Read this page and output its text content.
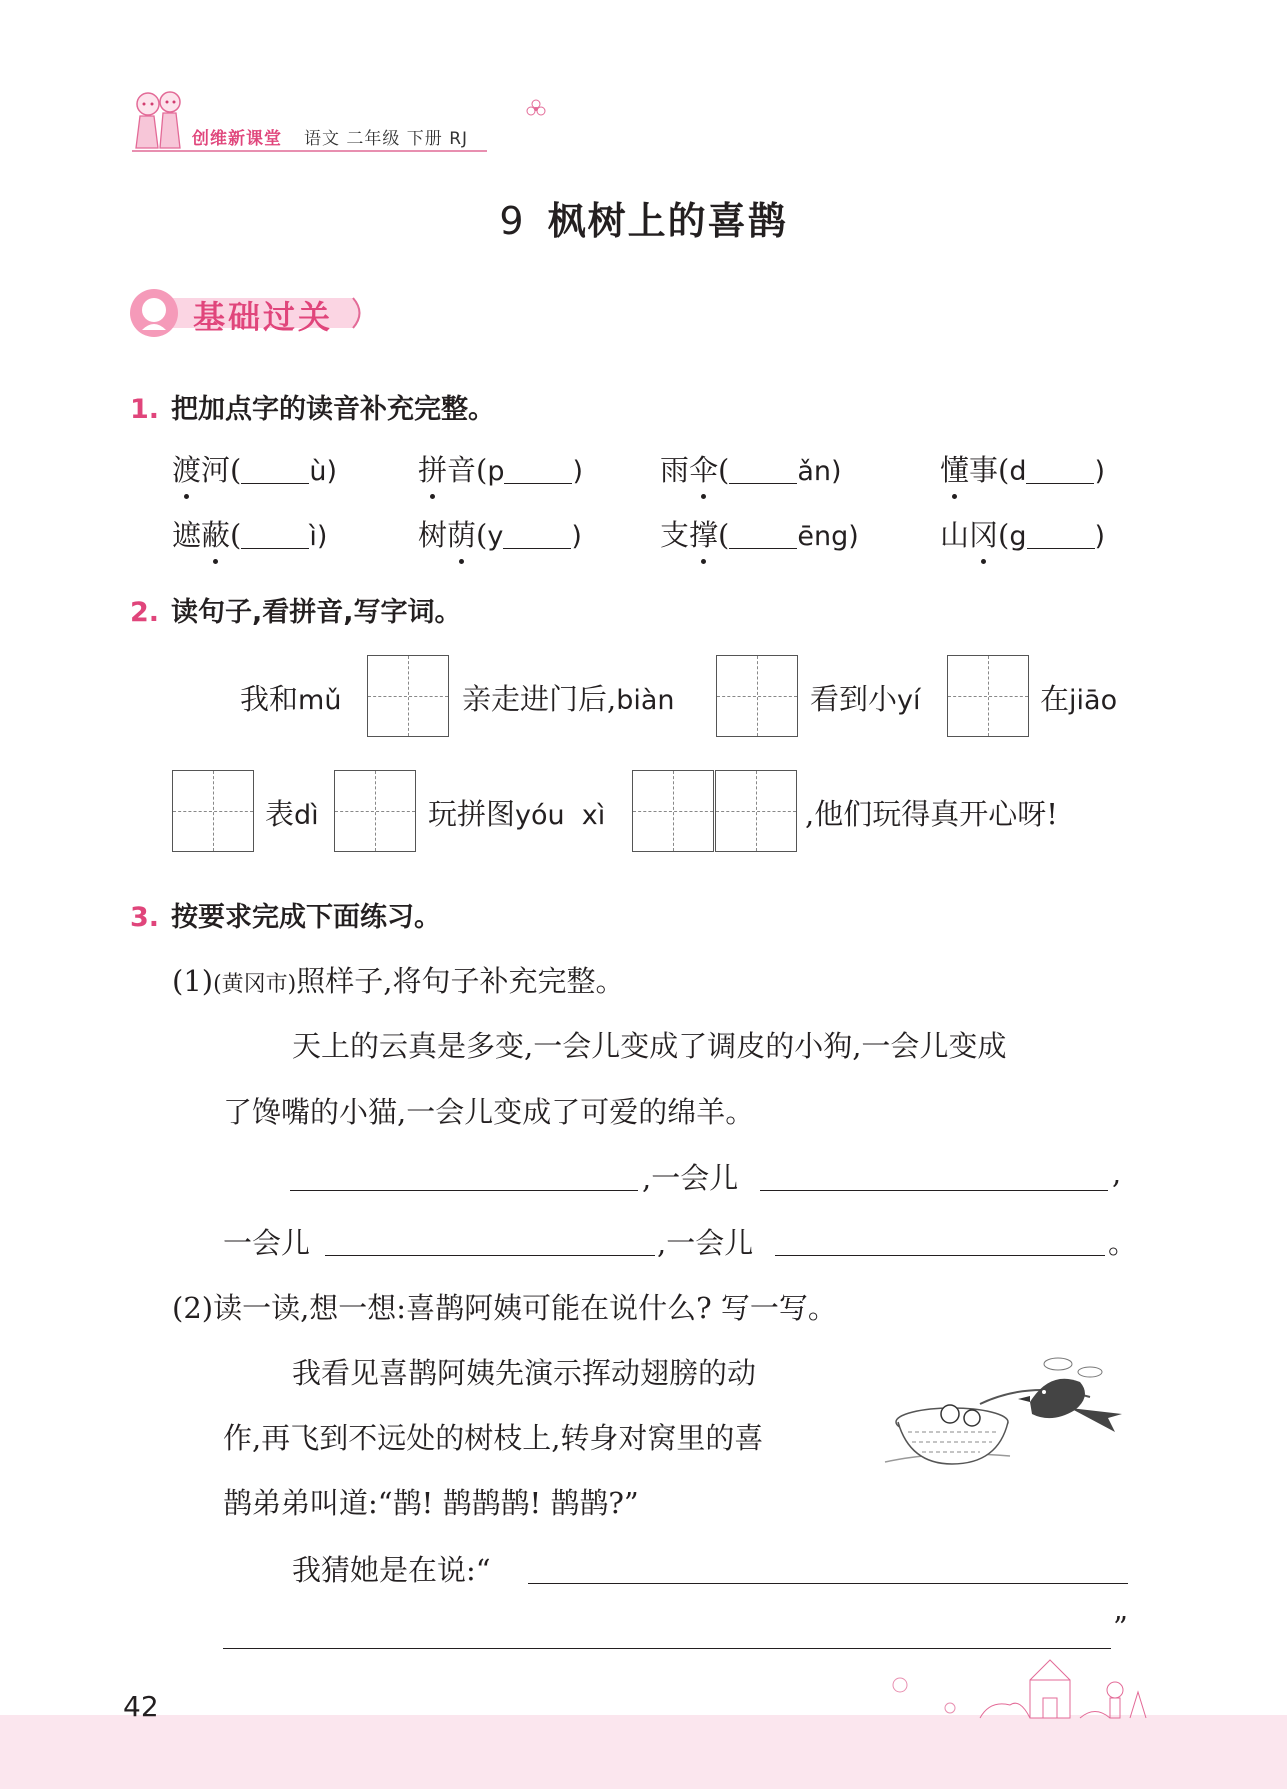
创维新课堂 语文 二年级 下册 RJ
9 枫树上的喜鹊
基础过关
1. 把加点字的读音补充完整。
渡河(	ù)	拼音(p	)	雨伞(	ǎn)	懂事(d	)
遮蔽(	ì)	树荫(y	)	支撑(	ēng)	山冈(g	)
2. 读句子,看拼音,写字词。
我和mǔ	亲走进门后,biàn	看到小yí	在jiāo
表dì	玩拼图yóu  xì	,他们玩得真开心呀!
3. 按要求完成下面练习。
(1)(黄冈市)照样子,将句子补充完整。
天上的云真是多变,一会儿变成了调皮的小狗,一会儿变成
了馋嘴的小猫,一会儿变成了可爱的绵羊。
,一会儿	,
一会儿	,一会儿	。
(2)读一读,想一想:喜鹊阿姨可能在说什么? 写一写。
我看见喜鹊阿姨先演示挥动翅膀的动
作,再飞到不远处的树枝上,转身对窝里的喜
鹊弟弟叫道:“鹊! 鹊鹊鹊! 鹊鹊?”
我猜她是在说:“
”
42
